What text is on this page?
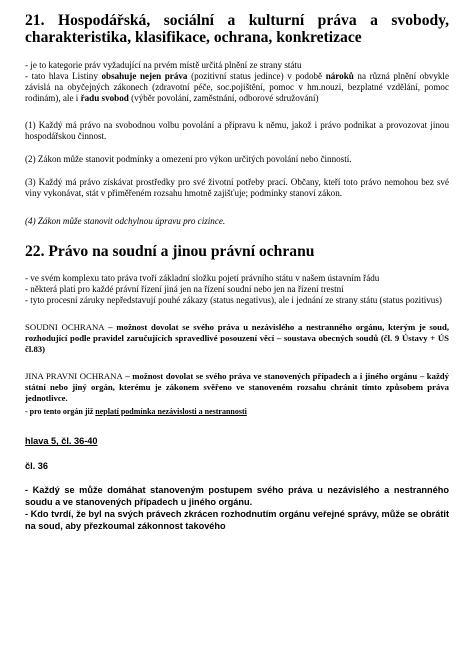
21. Hospodářská, sociální a kulturní práva a svobody, charakteristika, klasifikace, ochrana, konkretizace

- je to kategorie práv vyžadující na prvém místě určitá plnění ze strany státu

- tato hlava Listiny obsahuje nejen práva (pozitivní status jedince) v podobě nároků na různá plnění obvykle závislá na obyčejných zákonech (zdravotní péče, soc.pojištění, pomoc v hm.nouzi, bezplatné vzdělání, pomoc rodinám), ale i řadu svobod (výběr povolání, zaměstnání, odborové sdružování)

(1) Každý má právo na svobodnou volbu povolání a přípravu k němu, jakož i právo podnikat a provozovat jinou hospodářskou činnost.

(2) Zákon může stanovit podmínky a omezení pro výkon určitých povolání nebo činností.

(3) Každý má právo získávat prostředky pro své životní potřeby prací. Občany, kteří toto právo nemohou bez své viny vykonávat, stát v přiměřeném rozsahu hmotně zajišťuje; podmínky stanoví zákon.

(4) Zákon může stanovit odchylnou úpravu pro cizince.

22. Právo na soudní a jinou právní ochranu

- ve svém komplexu tato práva tvoří základní složku pojetí právního státu v našem ústavním řádu

- některá platí pro každé právní řízení jiná jen na řízení soudní nebo jen na řízení trestní

- tyto procesní záruky nepředstavují pouhé zákazy (status negativus), ale i jednání ze strany státu (status pozitivus)

SOUDNI OCHRANA – možnost dovolat se svého práva u nezávislého a nestranného orgánu, kterým je soud, rozhodující podle pravidel zaručujících spravedlivé posouzení věcí – soustava obecných soudů (čl. 9 Ústavy + ÚS čl.83)

JINA PRAVNI OCHRANA – možnost dovolat se svého práva ve stanovených případech a i jiného orgánu – každý státní nebo jiný orgán, kterému je zákonem svěřeno ve stanoveném rozsahu chránit tímto způsobem práva jednotlivce.

- pro tento orgán již neplatí podmínka nezávislosti a nestrannosti

hlava 5, čl. 36-40

čl. 36

- Každý se může domáhat stanoveným postupem svého práva u nezávislého a nestranného soudu a ve stanovených případech u jiného orgánu.

- Kdo tvrdí, že byl na svých právech zkrácen rozhodnutím orgánu veřejné správy, může se obrátit na soud, aby přezkoumal zákonnost takového
